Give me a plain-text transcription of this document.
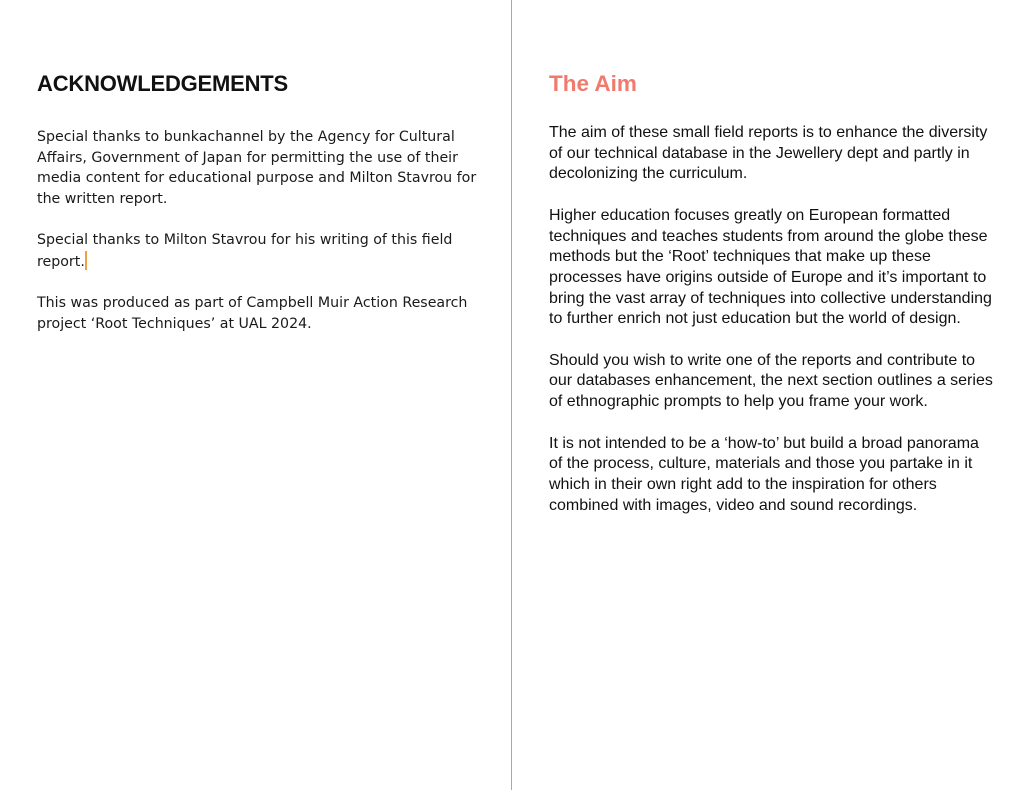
ACKNOWLEDGEMENTS

Special thanks to bunkachannel by the Agency for Cultural Affairs, Government of Japan for permitting the use of their media content for educational purpose and Milton Stavrou for the written report.

Special thanks to Milton Stavrou for his writing of this field report.

This was produced as part of Campbell Muir Action Research project ‘Root Techniques’ at UAL 2024.

The Aim

The aim of these small field reports is to enhance the diversity of our technical database in the Jewellery dept and partly in decolonizing the curriculum.

Higher education focuses greatly on European formatted techniques and teaches students from around the globe these methods but the ‘Root’ techniques that make up these processes have origins outside of Europe and it’s important to bring the vast array of techniques into collective understanding to further enrich not just education but the world of design.

Should you wish to write one of the reports and contribute to our databases enhancement, the next section outlines a series of ethnographic prompts to help you frame your work.

It is not intended to be a ‘how-to’ but build a broad panorama of the process, culture, materials and those you partake in it which in their own right add to the inspiration for others combined with images, video and sound recordings.
